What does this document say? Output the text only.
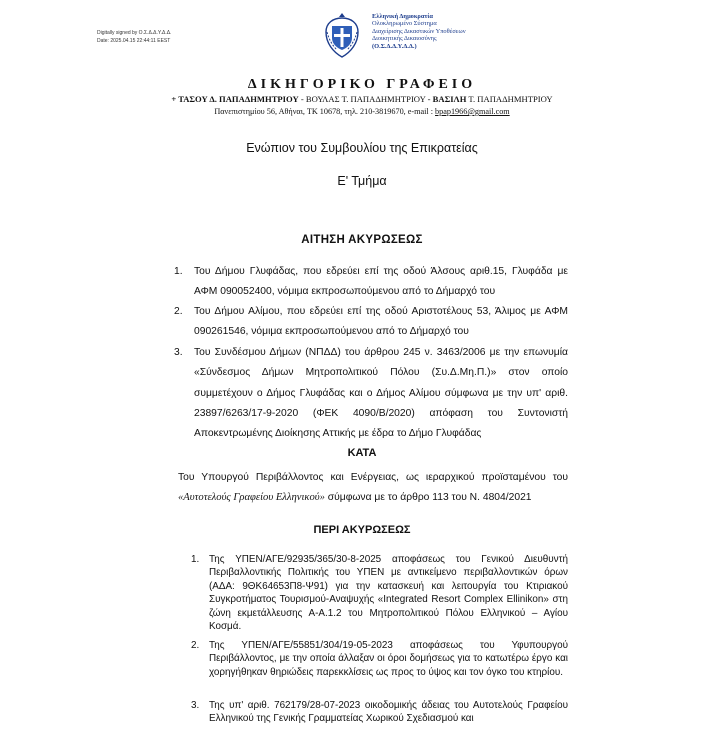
Digitally signed by Ο.Σ.Δ.Δ.Υ.Δ.Δ.
Date: 2025.04.15 22:44:11 EEST
Ελληνική Δημοκρατία
Ολοκληρωμένο Σύστημα
Διαχείρισης Δικαστικών Υποθέσεων
Διοικητικής Δικαιοσύνης
(Ο.Σ.Δ.Δ.Υ.Δ.Δ.)
ΔΙΚΗΓΟΡΙΚΟ ΓΡΑΦΕΙΟ
+ ΤΑΣΟΥ Δ. ΠΑΠΑΔΗΜΗΤΡΙΟΥ - ΒΟΥΛΑΣ Τ. ΠΑΠΑΔΗΜΗΤΡΙΟΥ - ΒΑΣΙΛΗ Τ. ΠΑΠΑΔΗΜΗΤΡΙΟΥ
Πανεπιστημίου 56, Αθήναι, ΤΚ 10678, τηλ. 210-3819670, e-mail : bpap1966@gmail.com
Ενώπιον του Συμβουλίου της Επικρατείας
Ε' Τμήμα
ΑΙΤΗΣΗ ΑΚΥΡΩΣΕΩΣ
1. Του Δήμου Γλυφάδας, που εδρεύει επί της οδού Άλσους αριθ.15, Γλυφάδα με ΑΦΜ 090052400, νόμιμα εκπροσωπούμενου από το Δήμαρχό του
2. Του Δήμου Αλίμου, που εδρεύει επί της οδού Αριστοτέλους 53, Άλιμος με ΑΦΜ 090261546, νόμιμα εκπροσωπούμενου από το Δήμαρχό του
3. Του Συνδέσμου Δήμων (ΝΠΔΔ) του άρθρου 245 ν. 3463/2006 με την επωνυμία «Σύνδεσμος Δήμων Μητροπολιτικού Πόλου (Συ.Δ.Μη.Π.)» στον οποίο συμμετέχουν ο Δήμος Γλυφάδας και ο Δήμος Αλίμου σύμφωνα με την υπ' αριθ. 23897/6263/17-9-2020 (ΦΕΚ 4090/Β/2020) απόφαση του Συντονιστή Αποκεντρωμένης Διοίκησης Αττικής με έδρα το Δήμο Γλυφάδας
ΚΑΤΑ
Του Υπουργού Περιβάλλοντος και Ενέργειας, ως ιεραρχικού προϊσταμένου του «Αυτοτελούς Γραφείου Ελληνικού» σύμφωνα με το άρθρο 113 του Ν. 4804/2021
ΠΕΡΙ ΑΚΥΡΩΣΕΩΣ
1. Της ΥΠΕΝ/ΑΓΕ/92935/365/30-8-2025 αποφάσεως του Γενικού Διευθυντή Περιβαλλοντικής Πολιτικής του ΥΠΕΝ με αντικείμενο περιβαλλοντικών όρων (ΑΔΑ: 9ΘΚ64653Π8-Ψ91) για την κατασκευή και λειτουργία του Κτιριακού Συγκροτήματος Τουρισμού-Αναψυχής «Integrated Resort Complex Ellinikon» στη ζώνη εκμετάλλευσης Α-Α.1.2 του Μητροπολιτικού Πόλου Ελληνικού – Αγίου Κοσμά.
2. Της ΥΠΕΝ/ΑΓΕ/55851/304/19-05-2023 αποφάσεως του Υφυπουργού Περιβάλλοντος, με την οποία άλλαξαν οι όροι δομήσεως για το κατωτέρω έργο και χορηγήθηκαν θηριώδεις παρεκκλίσεις ως προς το ύψος και τον όγκο του κτηρίου.
3. Της υπ' αριθ. 762179/28-07-2023 οικοδομικής άδειας του Αυτοτελούς Γραφείου Ελληνικού της Γενικής Γραμματείας Χωρικού Σχεδιασμού και
